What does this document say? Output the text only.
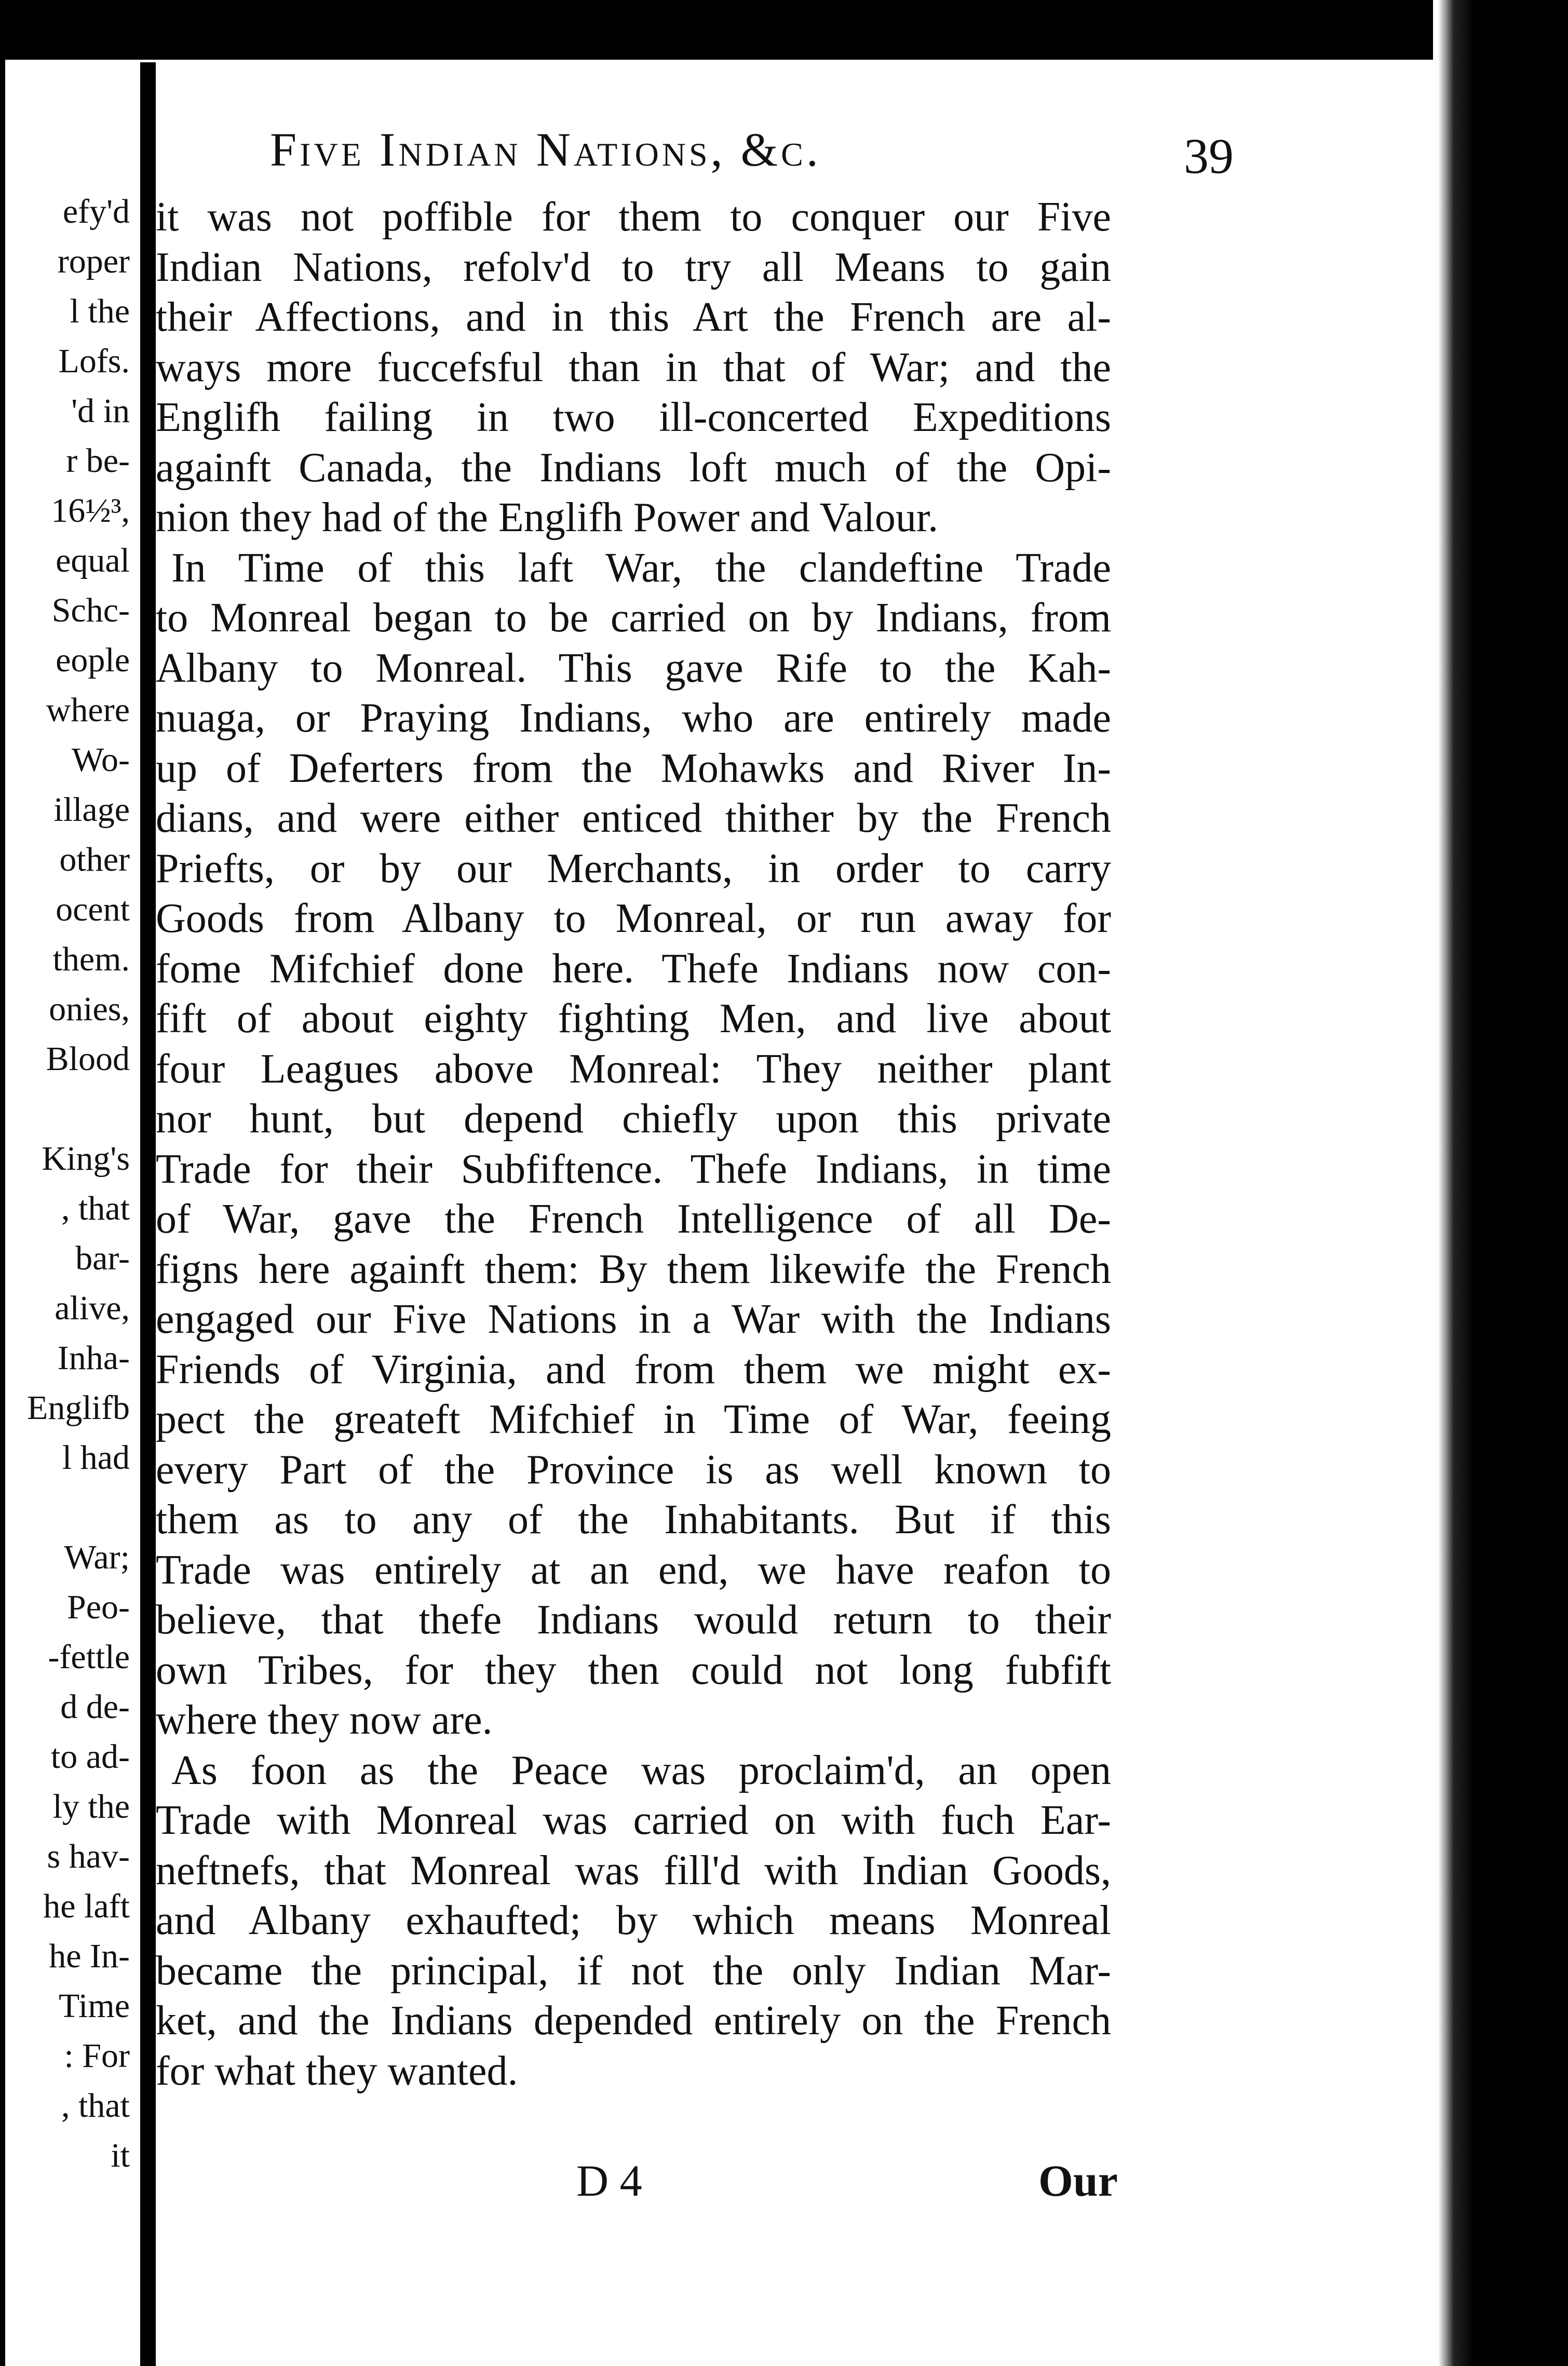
efy'd
roper
l the
Lofs.
'd in
r be-
16½³,
equal
Schc-
eople
where
Wo-
illage
other
ocent
them.
onies,
Blood
King's
, that
bar-
alive,
Inha-
Englifb
l had
War;
Peo-
-fettle
d de-
to ad-
ly the
s hav-
he laft
he In-
Time
: For
, that
it
Five Indian Nations, &c.	39
it was not poffible for them to conquer our Five
Indian Nations, refolv'd to try all Means to gain
their Affections, and in this Art the French are al-
ways more fuccefsful than in that of War; and the
Englifh failing in two ill-concerted Expeditions
againft Canada, the Indians loft much of the Opi-
nion they had of the Englifh Power and Valour.
In Time of this laft War, the clandeftine Trade
to Monreal began to be carried on by Indians, from
Albany to Monreal. This gave Rife to the Kah-
nuaga, or Praying Indians, who are entirely made
up of Deferters from the Mohawks and River In-
dians, and were either enticed thither by the French
Priefts, or by our Merchants, in order to carry
Goods from Albany to Monreal, or run away for
fome Mifchief done here. Thefe Indians now con-
fift of about eighty fighting Men, and live about
four Leagues above Monreal: They neither plant
nor hunt, but depend chiefly upon this private
Trade for their Subfiftence. Thefe Indians, in time
of War, gave the French Intelligence of all De-
figns here againft them: By them likewife the French
engaged our Five Nations in a War with the Indians
Friends of Virginia, and from them we might ex-
pect the greateft Mifchief in Time of War, feeing
every Part of the Province is as well known to
them as to any of the Inhabitants. But if this
Trade was entirely at an end, we have reafon to
believe, that thefe Indians would return to their
own Tribes, for they then could not long fubfift
where they now are.
As foon as the Peace was proclaim'd, an open
Trade with Monreal was carried on with fuch Ear-
neftnefs, that Monreal was fill'd with Indian Goods,
and Albany exhaufted; by which means Monreal
became the principal, if not the only Indian Mar-
ket, and the Indians depended entirely on the French
for what they wanted.
D 4	Our
